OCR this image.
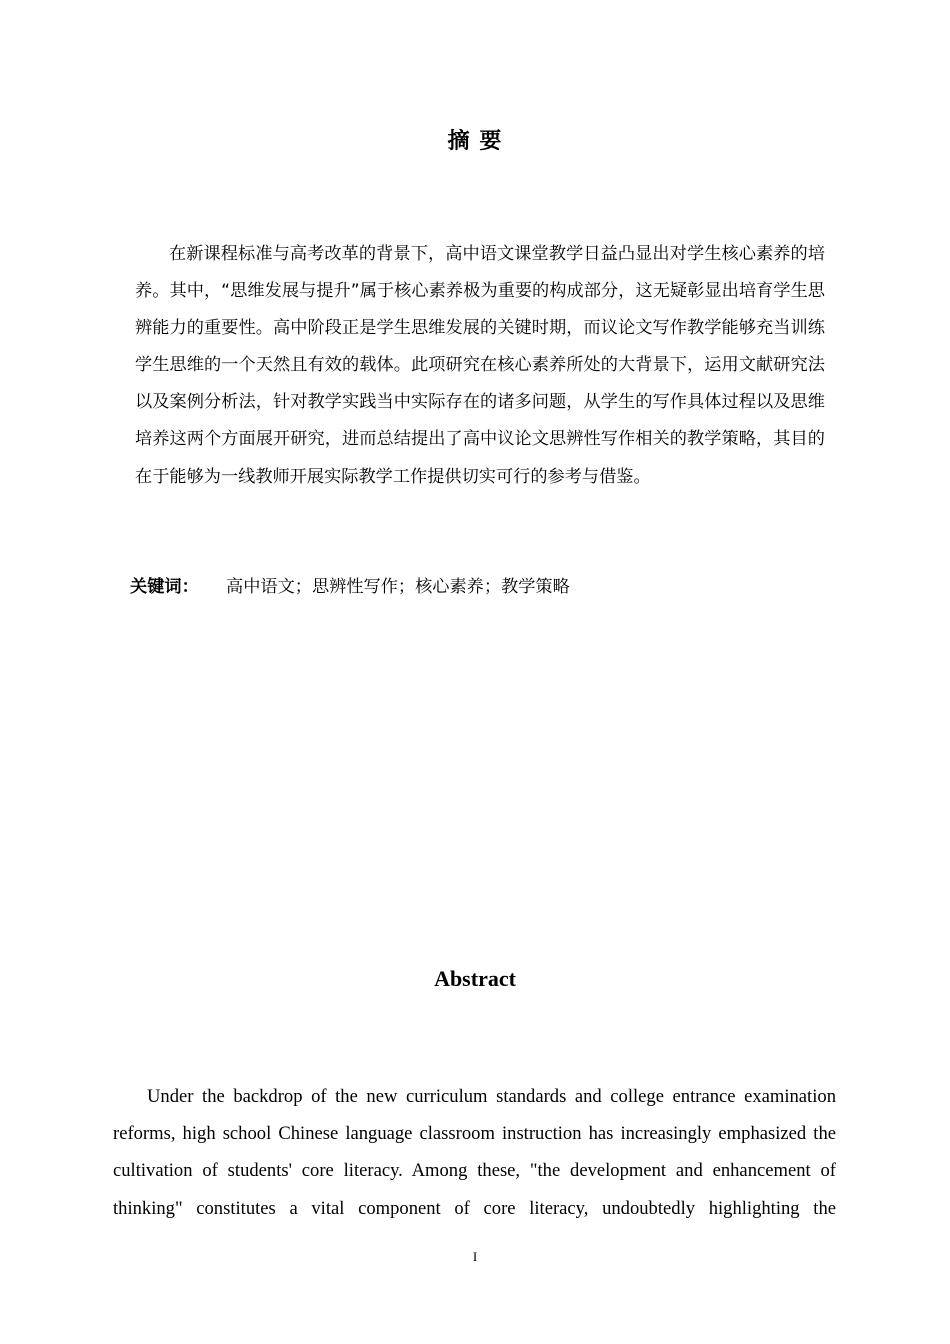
摘 要

在新课程标准与高考改革的背景下，高中语文课堂教学日益凸显出对学生核心素养的培养。其中，“思维发展与提升”属于核心素养极为重要的构成部分，这无疑彰显出培育学生思辨能力的重要性。高中阶段正是学生思维发展的关键时期，而议论文写作教学能够充当训练学生思维的一个天然且有效的载体。此项研究在核心素养所处的大背景下，运用文献研究法以及案例分析法，针对教学实践当中实际存在的诸多问题，从学生的写作具体过程以及思维培养这两个方面展开研究，进而总结提出了高中议论文思辨性写作相关的教学策略，其目的在于能够为一线教师开展实际教学工作提供切实可行的参考与借鉴。

关键词： 高中语文；思辨性写作；核心素养；教学策略

Abstract

Under the backdrop of the new curriculum standards and college entrance examination reforms, high school Chinese language classroom instruction has increasingly emphasized the cultivation of students' core literacy. Among these, "the development and enhancement of thinking" constitutes a vital component of core literacy, undoubtedly highlighting the

I
